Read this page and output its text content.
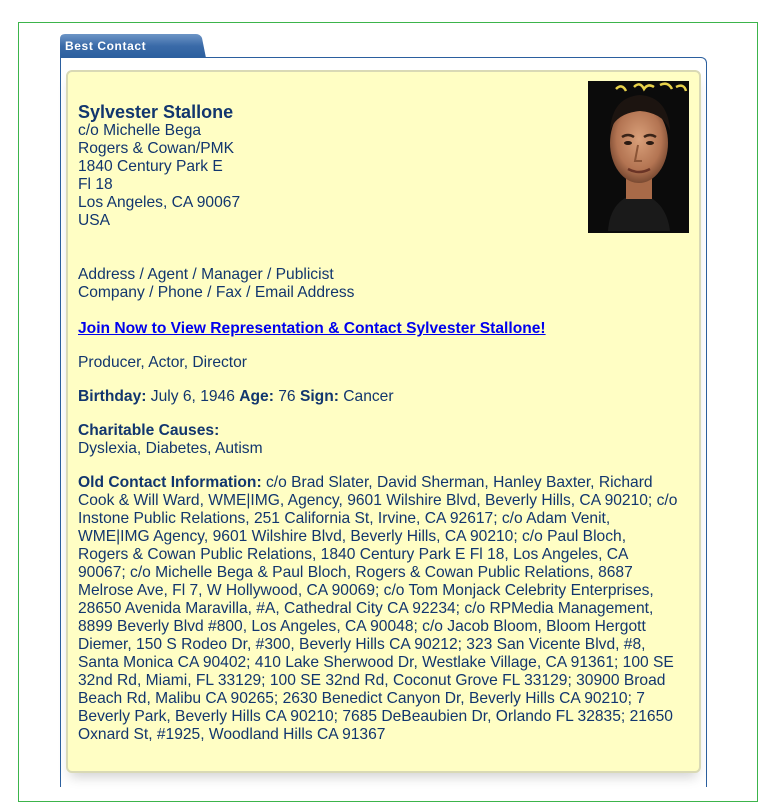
Best Contact
Sylvester Stallone
c/o Michelle Bega
Rogers & Cowan/PMK
1840 Century Park E
Fl 18
Los Angeles, CA 90067
USA
Address / Agent / Manager / Publicist
Company / Phone / Fax / Email Address
Join Now to View Representation & Contact Sylvester Stallone!
Producer, Actor, Director
Birthday: July 6, 1946 Age: 76 Sign: Cancer
Charitable Causes:
Dyslexia, Diabetes, Autism
Old Contact Information: c/o Brad Slater, David Sherman, Hanley Baxter, Richard Cook & Will Ward, WME|IMG, Agency, 9601 Wilshire Blvd, Beverly Hills, CA 90210; c/o Instone Public Relations, 251 California St, Irvine, CA 92617; c/o Adam Venit, WME|IMG Agency, 9601 Wilshire Blvd, Beverly Hills, CA 90210; c/o Paul Bloch, Rogers & Cowan Public Relations, 1840 Century Park E Fl 18, Los Angeles, CA 90067; c/o Michelle Bega & Paul Bloch, Rogers & Cowan Public Relations, 8687 Melrose Ave, Fl 7, W Hollywood, CA 90069; c/o Tom Monjack Celebrity Enterprises, 28650 Avenida Maravilla, #A, Cathedral City CA 92234; c/o RPMedia Management, 8899 Beverly Blvd #800, Los Angeles, CA 90048; c/o Jacob Bloom, Bloom Hergott Diemer, 150 S Rodeo Dr, #300, Beverly Hills CA 90212; 323 San Vicente Blvd, #8, Santa Monica CA 90402; 410 Lake Sherwood Dr, Westlake Village, CA 91361; 100 SE 32nd Rd, Miami, FL 33129; 100 SE 32nd Rd, Coconut Grove FL 33129; 30900 Broad Beach Rd, Malibu CA 90265; 2630 Benedict Canyon Dr, Beverly Hills CA 90210; 7 Beverly Park, Beverly Hills CA 90210; 7685 DeBeaubien Dr, Orlando FL 32835; 21650 Oxnard St, #1925, Woodland Hills CA 91367
